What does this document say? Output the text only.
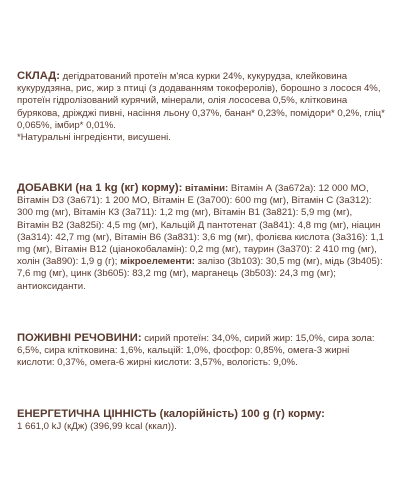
СКЛАД: дегідратований протеїн м'яса курки 24%, кукурудза, клейковина кукурудзяна, рис, жир з птиці (з додаванням токоферолів), борошно з лосося 4%, протеїн гідролізований курячий, мінерали, олія лососева 0,5%, клітковина бурякова, дріжджі пивні, насіння льону 0,37%, банан* 0,23%, помідори* 0,2%, гліц* 0,065%, імбир* 0,01%.
*Натуральні інгредієнти, висушені.

ДОБАВКИ (на 1 kg (кг) корму): вітаміни: Вітамін А (3а672а): 12 000 МО, Вітамін D3 (3а671): 1 200 МО, Вітамін Е (3а700): 600 mg (мг), Вітамін С (3а312): 300 mg (мг), Вітамін К3 (3а711): 1,2 mg (мг), Вітамін В1 (3а821): 5,9 mg (мг), Вітамін В2 (3а825і): 4,5 mg (мг), Кальцій Д пантотенат (3а841): 4,8 mg (мг), ніацин (3а314): 42,7 mg (мг), Вітамін В6 (3а831): 3,6 mg (мг), фолієва кислота (3а316): 1,1 mg (мг), Вітамін В12 (ціанокобаламін): 0,2 mg (мг), таурин (3а370): 2 410 mg (мг), холін (3а890): 1,9 g (г); мікроелементи: залізо (3b103): 30,5 mg (мг), мідь (3b405): 7,6 mg (мг), цинк (3b605): 83,2 mg (мг), марганець (3b503): 24,3 mg (мг); антиоксиданти.

ПОЖИВНІ РЕЧОВИНИ: сирий протеїн: 34,0%, сирий жир: 15,0%, сира зола: 6,5%, сира клітковина: 1,6%, кальцій: 1,0%, фосфор: 0,85%, омега-3 жирні кислоти: 0,37%, омега-6 жирні кислоти: 3,57%, вологість: 9,0%.

ЕНЕРГЕТИЧНА ЦІННІСТЬ (калорійність) 100 g (г) корму:
1 661,0 kJ (кДж) (396,99 kcal (ккал)).
